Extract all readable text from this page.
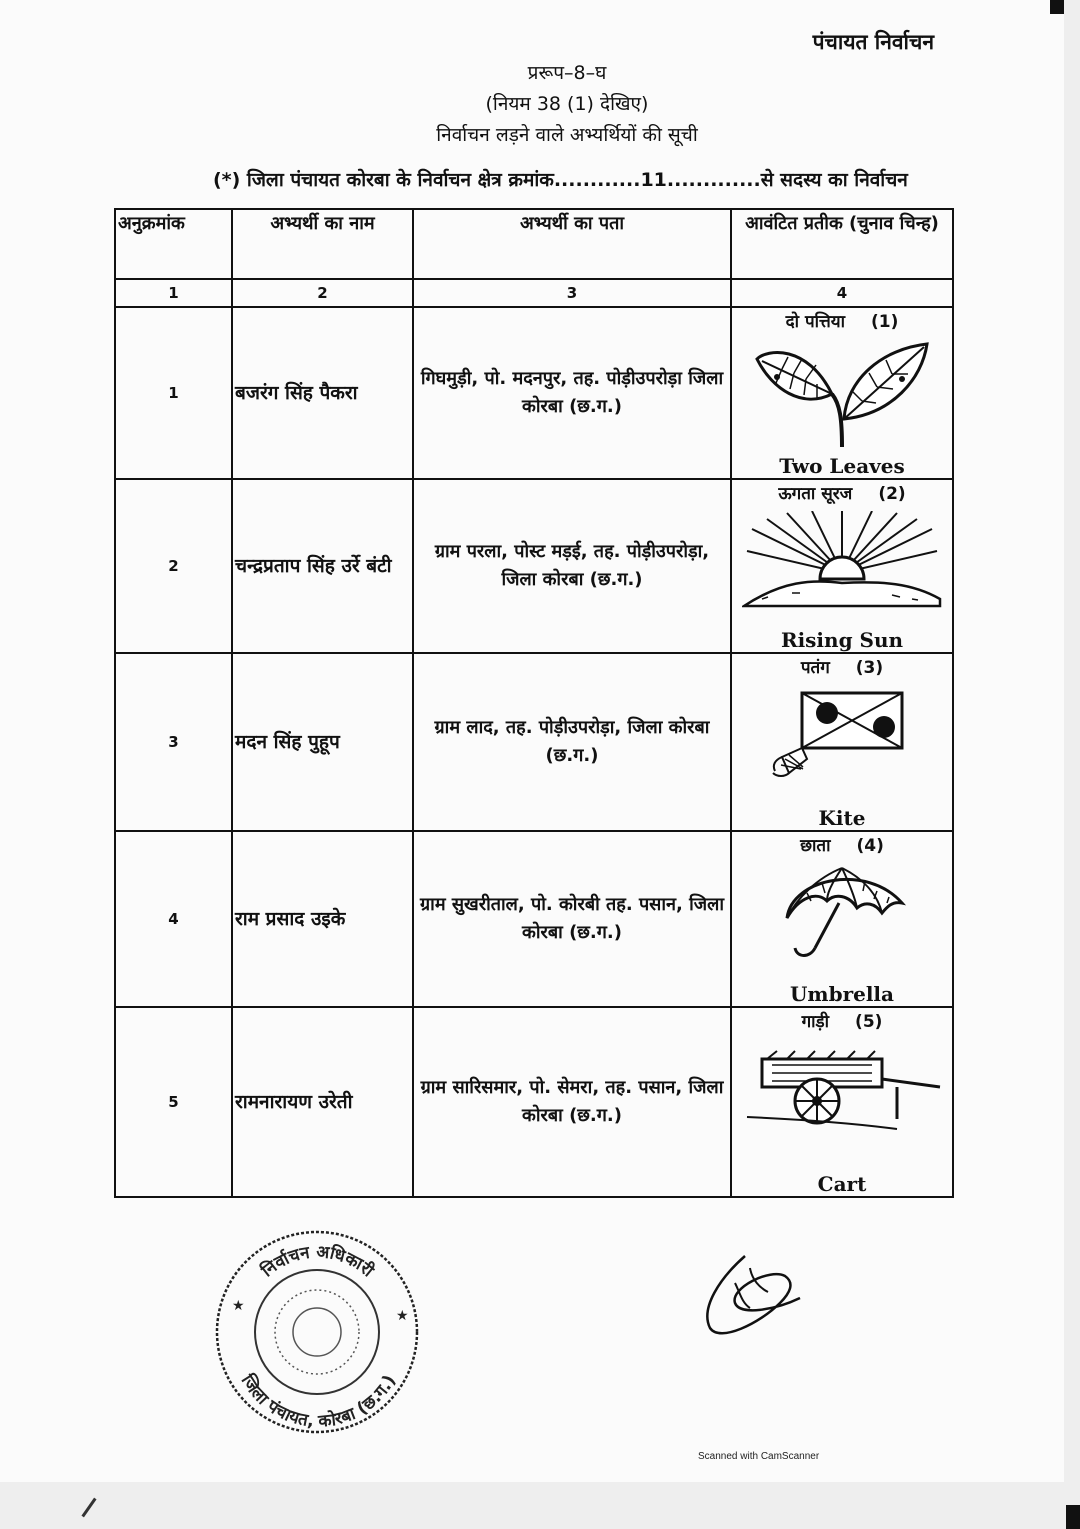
पंचायत निर्वाचन
प्ररूप–8–घ
(नियम 38 (1) देखिए)
निर्वाचन लड़ने वाले अभ्यर्थियों की सूची
(*) जिला पंचायत कोरबा के निर्वाचन क्षेत्र क्रमांक............11.............से सदस्य का निर्वाचन
अनुक्रमांक	अभ्यर्थी का नाम	अभ्यर्थी का पता	आवंटित प्रतीक (चुनाव चिन्ह)
1	2	3	4
1	बजरंग सिंह पैकरा	गिघमुड़ी, पो. मदनपुर, तह. पोड़ीउपरोड़ा जिला कोरबा (छ.ग.)	दो पत्तिया (1)
Two Leaves

2	चन्द्रप्रताप सिंह उर्रे बंटी	ग्राम परला, पोस्ट मड़ई, तह. पोड़ीउपरोड़ा, जिला कोरबा (छ.ग.)	ऊगता सूरज (2)
Rising Sun

3	मदन सिंह पुहूप	ग्राम लाद, तह. पोड़ीउपरोड़ा, जिला कोरबा (छ.ग.)	पतंग (3)
Kite

4	राम प्रसाद उइके	ग्राम सुखरीताल, पो. कोरबी तह. पसान, जिला कोरबा (छ.ग.)	छाता (4)
Umbrella

5	रामनारायण उरेती	ग्राम सारिसमार, पो. सेमरा, तह. पसान, जिला कोरबा (छ.ग.)	गाड़ी (5)
Cart
निर्वाचन अधिकारी
जिला पंचायत, कोरबा (छ.ग.)
★
★
Scanned with CamScanner
